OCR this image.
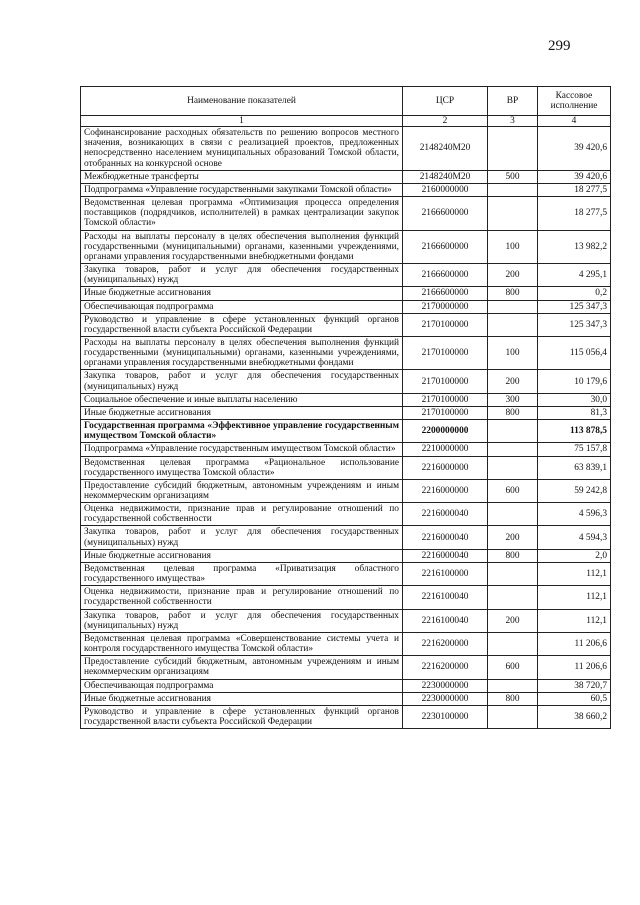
299
Наименование показателей	ЦСР	ВР	Кассовое исполнение
1	2	3	4
Софинансирование расходных обязательств по решению вопросов местного значения, возникающих в связи с реализацией проектов, предложенных непосредственно населением муниципальных образований Томской области, отобранных на конкурсной основе	2148240M20		39 420,6
Межбюджетные трансферты	2148240M20	500	39 420,6
Подпрограмма «Управление государственными закупками Томской области»	2160000000		18 277,5
Ведомственная целевая программа «Оптимизация процесса определения поставщиков (подрядчиков, исполнителей) в рамках централизации закупок Томской области»	2166600000		18 277,5
Расходы на выплаты персоналу в целях обеспечения выполнения функций государственными (муниципальными) органами, казенными учреждениями, органами управления государственными внебюджетными фондами	2166600000	100	13 982,2
Закупка товаров, работ и услуг для обеспечения государственных (муниципальных) нужд	2166600000	200	4 295,1
Иные бюджетные ассигнования	2166600000	800	0,2
Обеспечивающая подпрограмма	2170000000		125 347,3
Руководство и управление в сфере установленных функций органов государственной власти субъекта Российской Федерации	2170100000		125 347,3
Расходы на выплаты персоналу в целях обеспечения выполнения функций государственными (муниципальными) органами, казенными учреждениями, органами управления государственными внебюджетными фондами	2170100000	100	115 056,4
Закупка товаров, работ и услуг для обеспечения государственных (муниципальных) нужд	2170100000	200	10 179,6
Социальное обеспечение и иные выплаты населению	2170100000	300	30,0
Иные бюджетные ассигнования	2170100000	800	81,3
Государственная программа «Эффективное управление государственным имуществом Томской области»	2200000000		113 878,5
Подпрограмма «Управление государственным имуществом Томской области»	2210000000		75 157,8
Ведомственная целевая программа «Рациональное использование государственного имущества Томской области»	2216000000		63 839,1
Предоставление субсидий бюджетным, автономным учреждениям и иным некоммерческим организациям	2216000000	600	59 242,8
Оценка недвижимости, признание прав и регулирование отношений по государственной собственности	2216000040		4 596,3
Закупка товаров, работ и услуг для обеспечения государственных (муниципальных) нужд	2216000040	200	4 594,3
Иные бюджетные ассигнования	2216000040	800	2,0
Ведомственная целевая программа «Приватизация областного государственного имущества»	2216100000		112,1
Оценка недвижимости, признание прав и регулирование отношений по государственной собственности	2216100040		112,1
Закупка товаров, работ и услуг для обеспечения государственных (муниципальных) нужд	2216100040	200	112,1
Ведомственная целевая программа «Совершенствование системы учета и контроля государственного имущества Томской области»	2216200000		11 206,6
Предоставление субсидий бюджетным, автономным учреждениям и иным некоммерческим организациям	2216200000	600	11 206,6
Обеспечивающая подпрограмма	2230000000		38 720,7
Иные бюджетные ассигнования	2230000000	800	60,5
Руководство и управление в сфере установленных функций органов государственной власти субъекта Российской Федерации	2230100000		38 660,2
